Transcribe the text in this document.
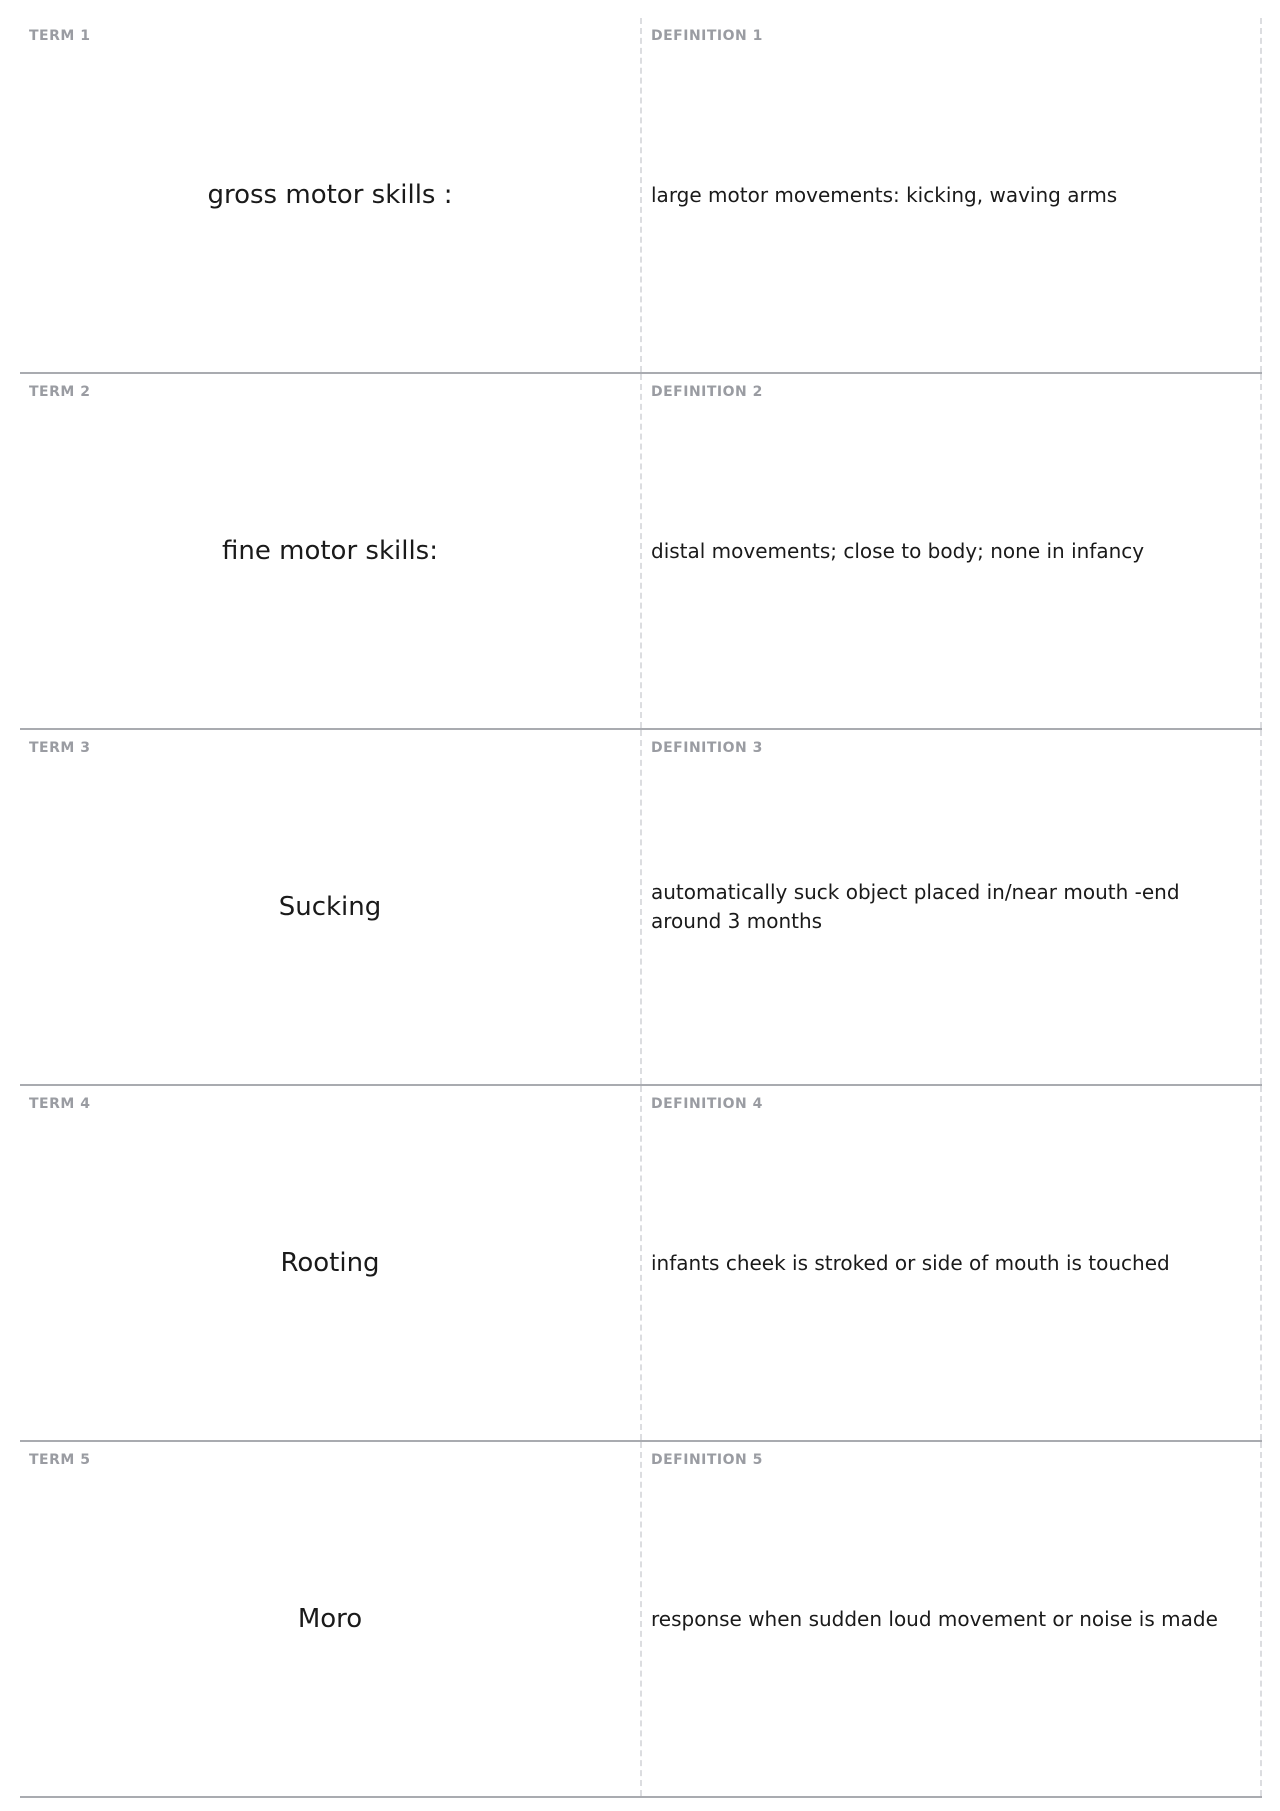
TERM 1
gross motor skills :
DEFINITION 1
large motor movements: kicking, waving arms
TERM 2
fine motor skills:
DEFINITION 2
distal movements; close to body; none in infancy
TERM 3
Sucking
DEFINITION 3
automatically suck object placed in/near mouth -end around 3 months
TERM 4
Rooting
DEFINITION 4
infants cheek is stroked or side of mouth is touched
TERM 5
Moro
DEFINITION 5
response when sudden loud movement or noise is made
